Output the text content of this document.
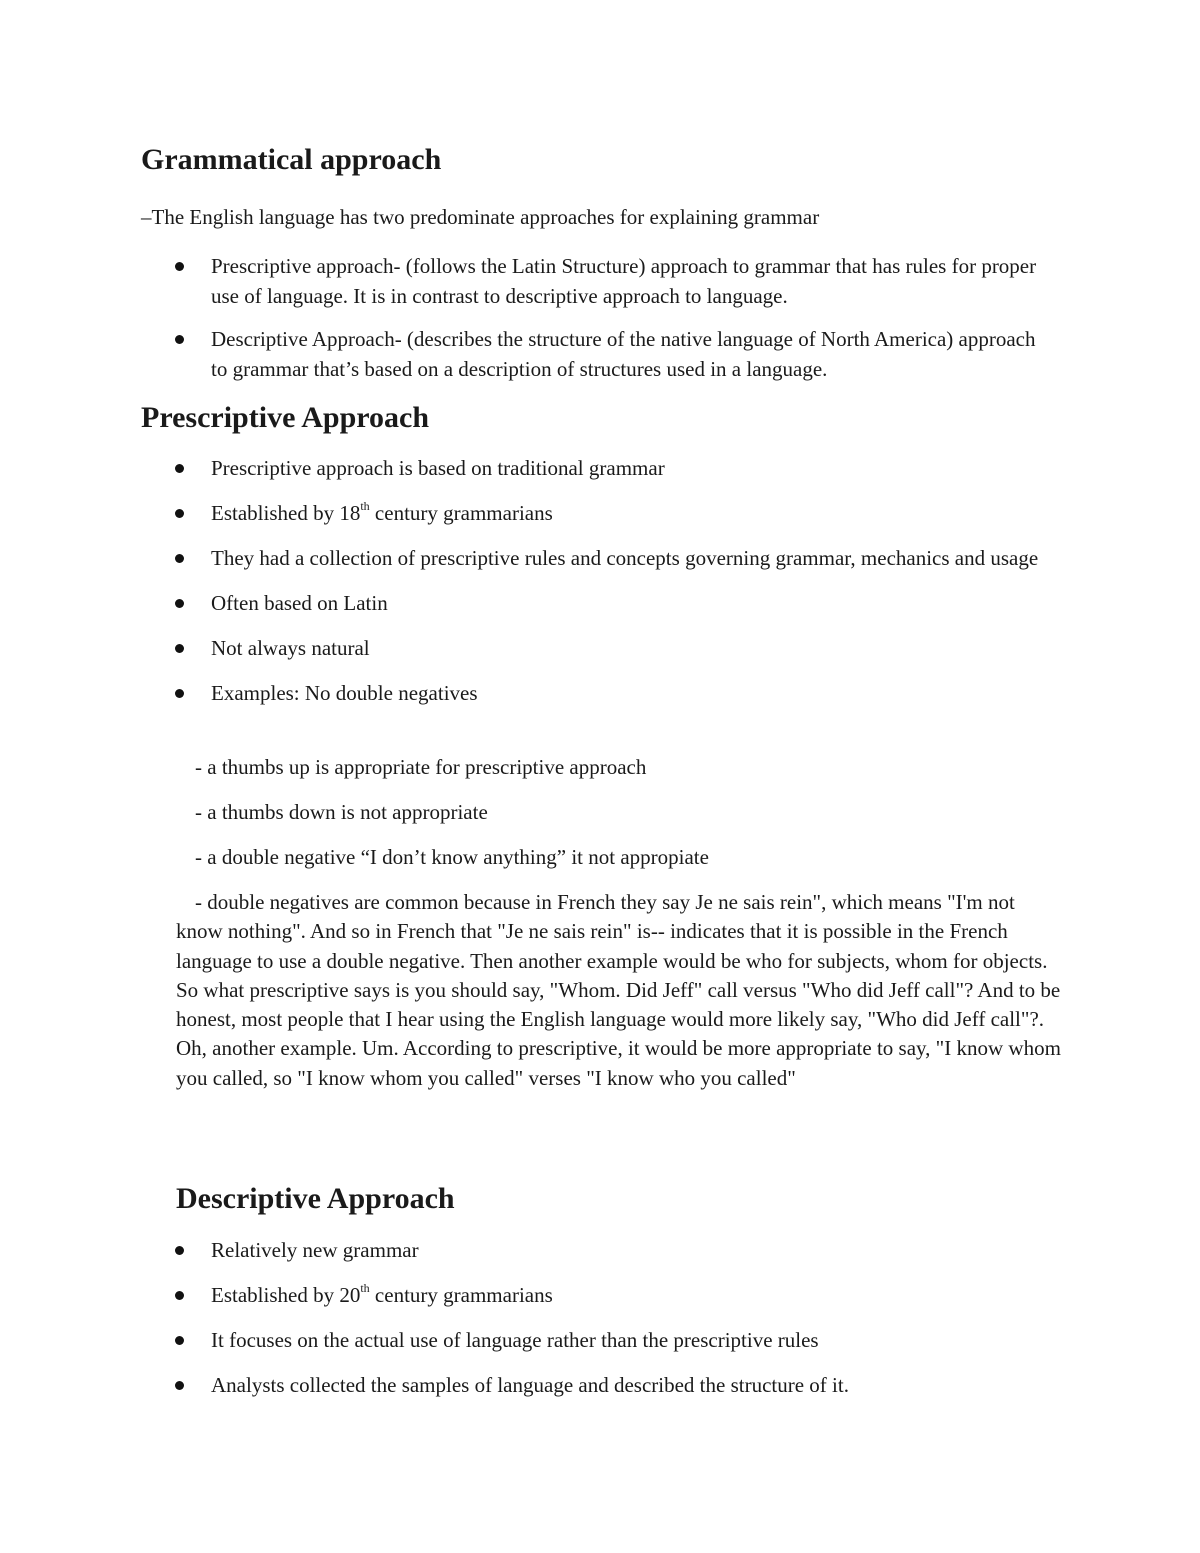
Grammatical approach
–The English language has two predominate approaches for explaining grammar
Prescriptive approach- (follows the Latin Structure) approach to grammar that has rules for proper use of language. It is in contrast to descriptive approach to language.
Descriptive Approach- (describes the structure of the native language of North America) approach to grammar that’s based on a description of structures used in a language.
Prescriptive Approach
Prescriptive approach is based on traditional grammar
Established by 18th century grammarians
They had a collection of prescriptive rules and concepts governing grammar, mechanics and usage
Often based on Latin
Not always natural
Examples: No double negatives
- a thumbs up is appropriate for prescriptive approach
- a thumbs down is not appropriate
- a double negative “I don’t know anything” it not appropiate
- double negatives are common because in French they say Je ne sais rein", which means "I'm not know nothing". And so in French that "Je ne sais rein" is-- indicates that it is possible in the French language to use a double negative. Then another example would be who for subjects, whom for objects. So what prescriptive says is you should say, "Whom. Did Jeff" call versus "Who did Jeff call"? And to be honest, most people that I hear using the English language would more likely say, "Who did Jeff call"?. Oh, another example. Um. According to prescriptive, it would be more appropriate to say, "I know whom you called, so "I know whom you called" verses "I know who you called"
Descriptive Approach
Relatively new grammar
Established by 20th century grammarians
It focuses on the actual use of language rather than the prescriptive rules
Analysts collected the samples of language and described the structure of it.
